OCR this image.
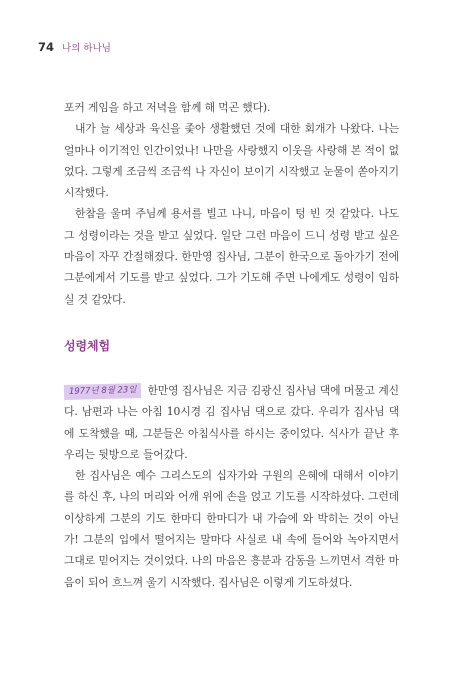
74 나의 하나님

포커 게임을 하고 저녁을 함께 해 먹곤 했다).

내가 늘 세상과 육신을 좇아 생활했던 것에 대한 회개가 나왔다. 나는 얼마나 이기적인 인간이었나! 나만을 사랑했지 이웃을 사랑해 본 적이 없었다. 그렇게 조금씩 조금씩 나 자신이 보이기 시작했고 눈물이 쏟아지기 시작했다.

한참을 울며 주님께 용서를 빌고 나니, 마음이 텅 빈 것 같았다. 나도 그 성령이라는 것을 받고 싶었다. 일단 그런 마음이 드니 성령 받고 싶은 마음이 자꾸 간절해졌다. 한만영 집사님, 그분이 한국으로 돌아가기 전에 그분에게서 기도를 받고 싶었다. 그가 기도해 주면 나에게도 성령이 임하실 것 같았다.

성령체험

1977년 8월 23일 한만영 집사님은 지금 김광신 집사님 댁에 머물고 계신다. 남편과 나는 아침 10시경 김 집사님 댁으로 갔다. 우리가 집사님 댁에 도착했을 때, 그분들은 아침식사를 하시는 중이었다. 식사가 끝난 후 우리는 뒷방으로 들어갔다.

한 집사님은 예수 그리스도의 십자가와 구원의 은혜에 대해서 이야기를 하신 후, 나의 머리와 어깨 위에 손을 얹고 기도를 시작하셨다. 그런데 이상하게 그분의 기도 한마디 한마디가 내 가슴에 와 박히는 것이 아닌가! 그분의 입에서 떨어지는 말마다 사실로 내 속에 들어와 녹아지면서 그대로 믿어지는 것이었다. 나의 마음은 흥분과 감동을 느끼면서 격한 마음이 되어 흐느껴 울기 시작했다. 집사님은 이렇게 기도하셨다.
